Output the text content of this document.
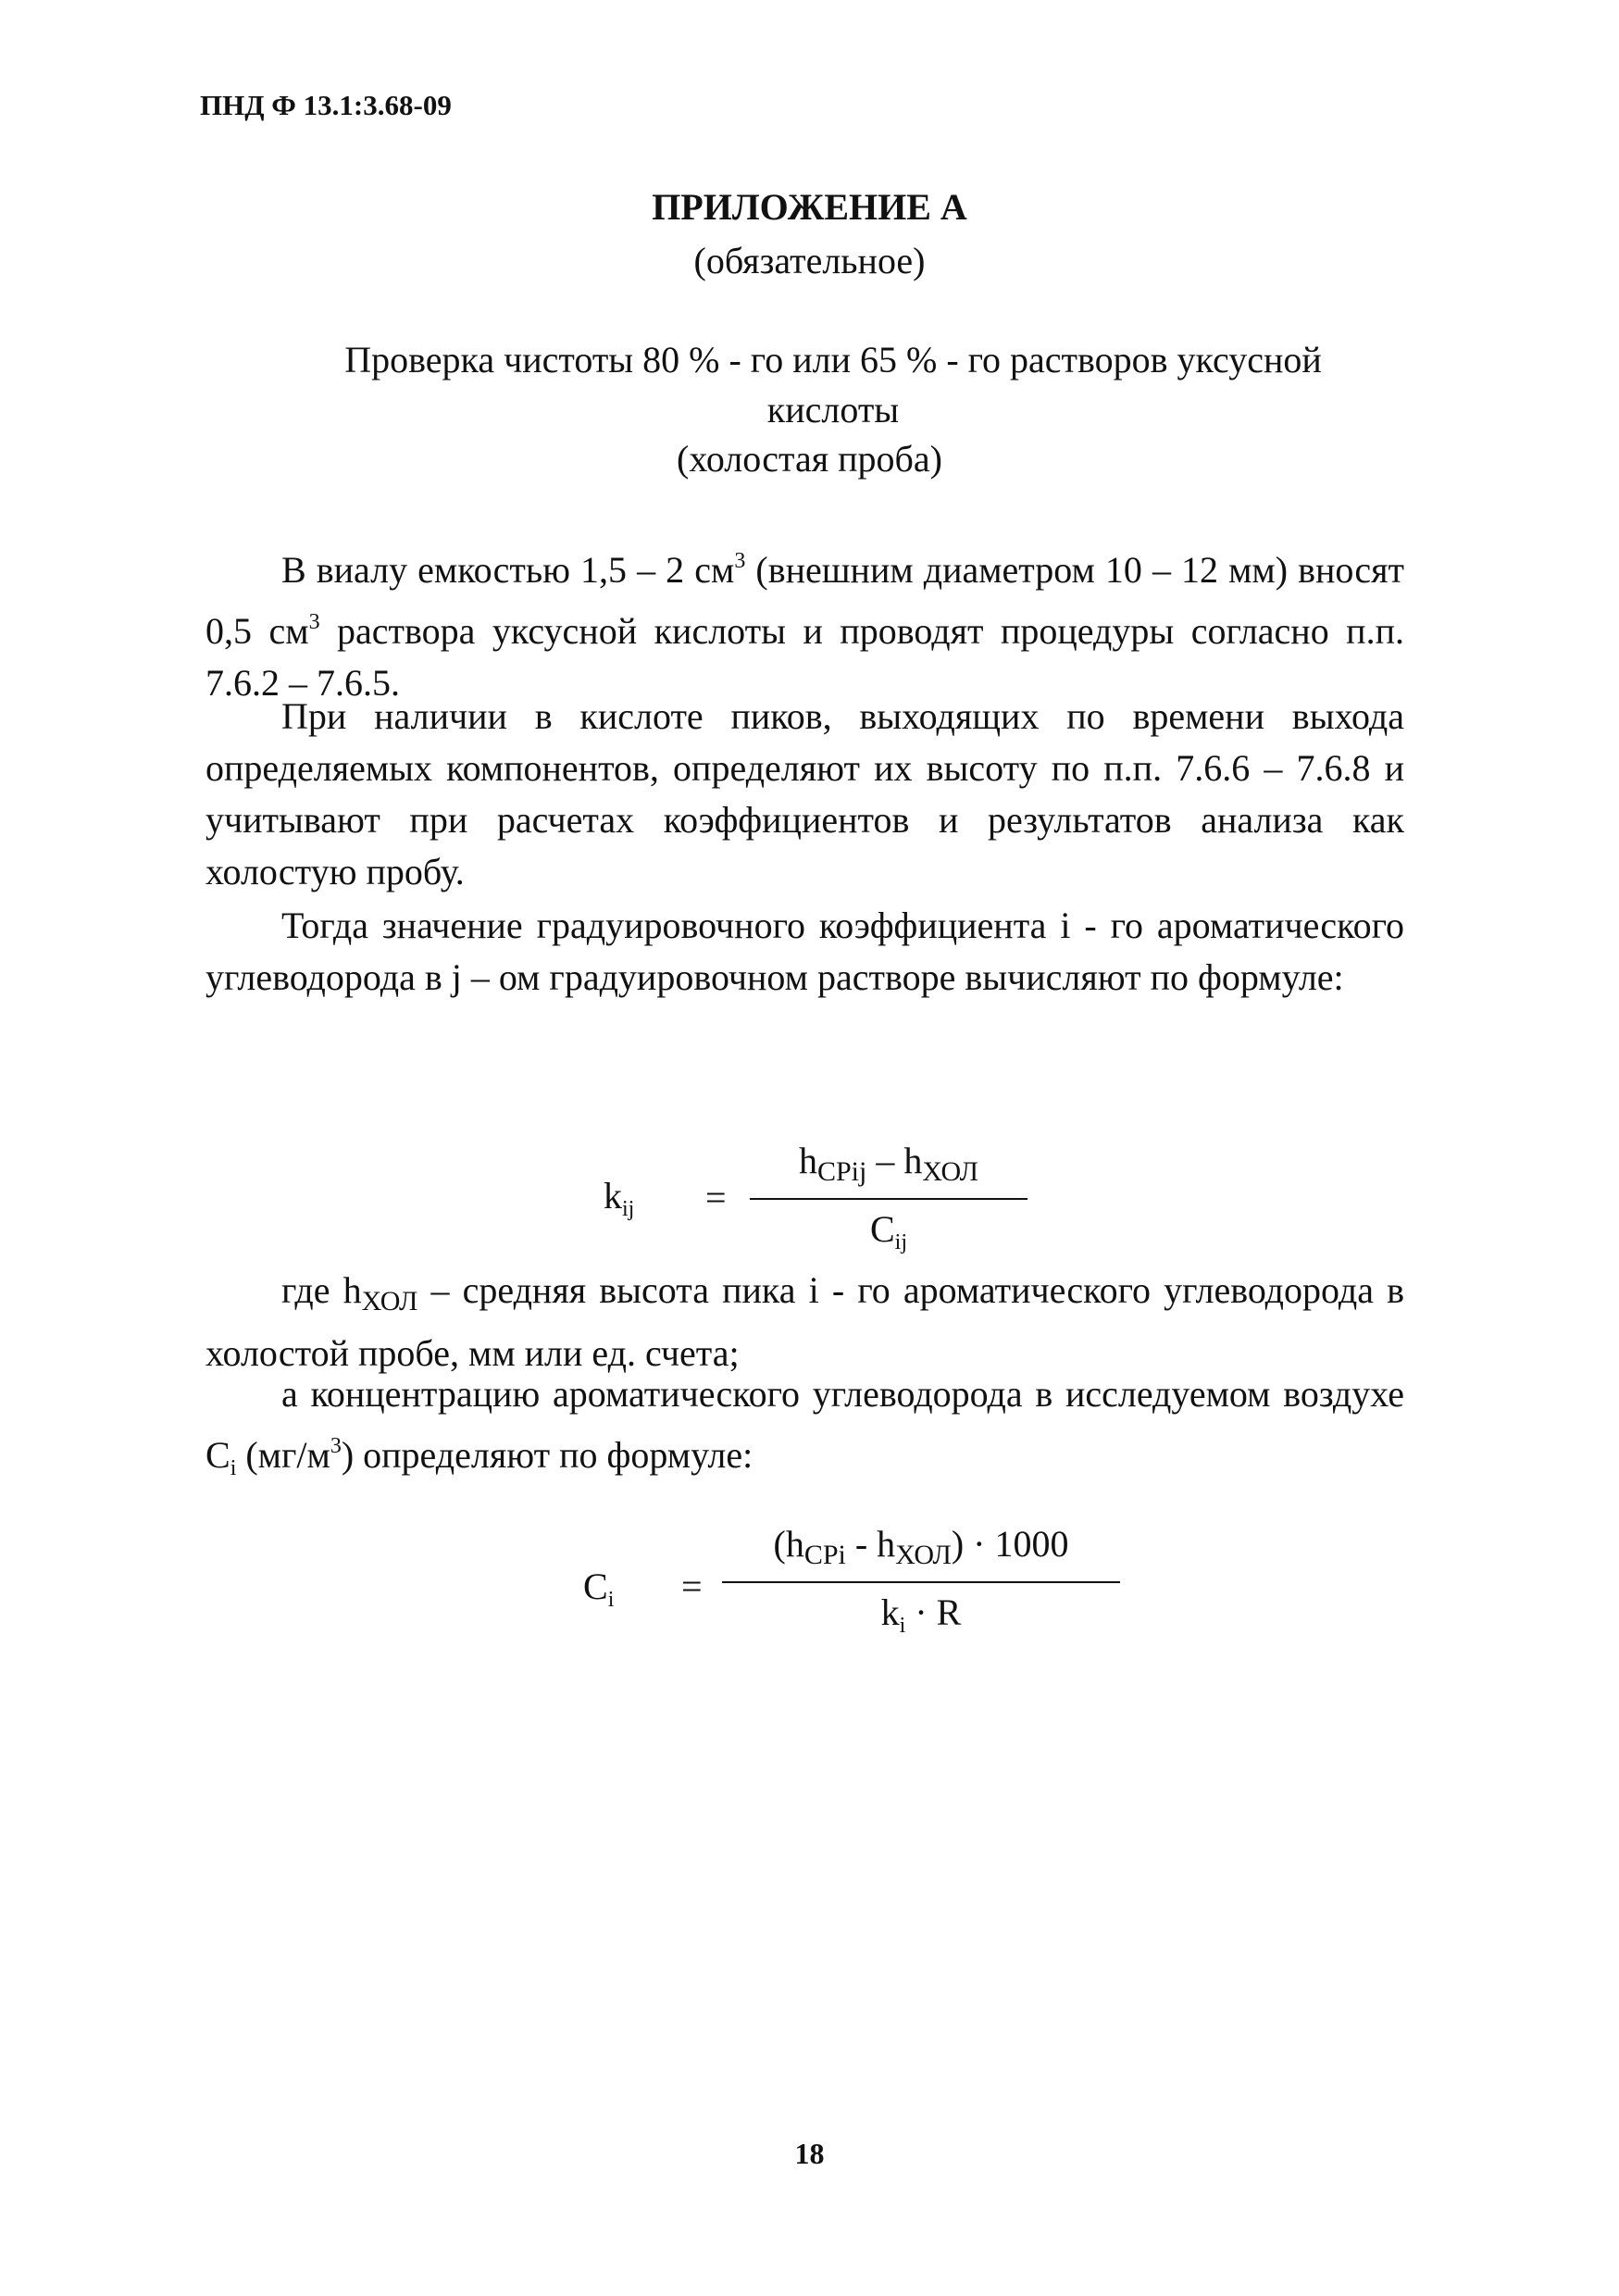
ПНД Ф 13.1:3.68-09
ПРИЛОЖЕНИЕ А
(обязательное)
Проверка чистоты 80 % - го или 65 % - го растворов уксусной кислоты
(холостая проба)

В виалу емкостью 1,5 – 2 $см^3$ (внешним диаметром 10 – 12 мм) вносят 0,5 $см^3$ раствора уксусной кислоты и проводят процедуры согласно п.п. 7.6.2 – 7.6.5.

При наличии в кислоте пиков, выходящих по времени выхода определяемых компонентов, определяют их высоту по п.п. 7.6.6 – 7.6.8 и учитывают при расчетах коэффициентов и результатов анализа как холостую пробу.

Тогда значение градуировочного коэффициента i - го ароматического углеводорода в j – ом градуировочном растворе вычисляют по формуле:

$k_{ij}$ =
$h_{CPij} - h_{ХОЛ}$
$C_{ij}$

где $h_{ХОЛ}$ – средняя высота пика i - го ароматического углеводорода в холостой пробе, мм или ед. счета;

а концентрацию ароматического углеводорода в исследуемом воздухе $C_i$ $(мг/м^3)$ определяют по формуле:

$C_i$ =
$(h_{CPi} - h_{ХОЛ}) \cdot 1000$
$k_i \cdot R$
18
